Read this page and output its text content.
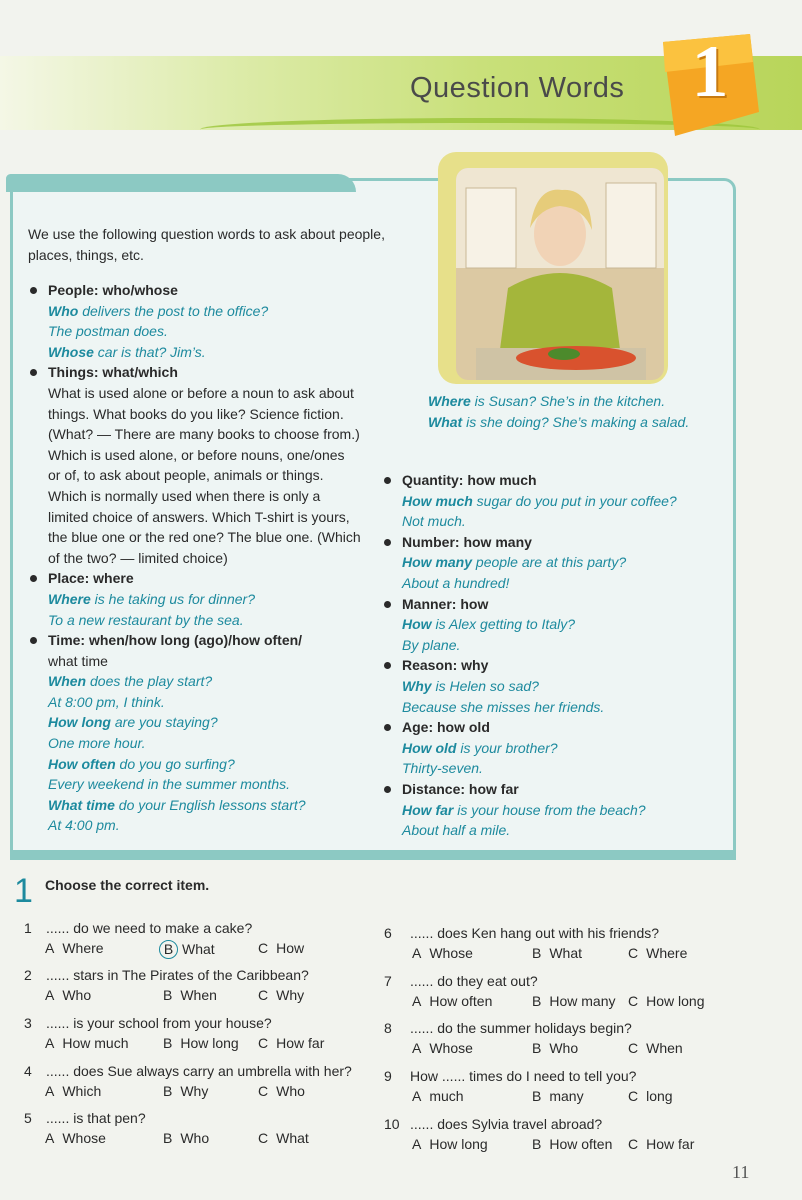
Question Words 1
We use the following question words to ask about people, places, things, etc.
People: who/whose
Who delivers the post to the office?
The postman does.
Whose car is that? Jim’s.
Things: what/which
What is used alone or before a noun to ask about
things. What books do you like? Science fiction.
(What? — There are many books to choose from.)
Which is used alone, or before nouns, one/ones
or of, to ask about people, animals or things.
Which is normally used when there is only a
limited choice of answers. Which T-shirt is yours,
the blue one or the red one? The blue one. (Which
of the two? — limited choice)
Place: where
Where is he taking us for dinner?
To a new restaurant by the sea.
Time: when/how long (ago)/how often/
what time
When does the play start?
At 8:00 pm, I think.
How long are you staying?
One more hour.
How often do you go surfing?
Every weekend in the summer months.
What time do your English lessons start?
At 4:00 pm.
Where is Susan? She’s in the kitchen.
What is she doing? She’s making a salad.
Quantity: how much
How much sugar do you put in your coffee?
Not much.
Number: how many
How many people are at this party?
About a hundred!
Manner: how
How is Alex getting to Italy?
By plane.
Reason: why
Why is Helen so sad?
Because she misses her friends.
Age: how old
How old is your brother?
Thirty-seven.
Distance: how far
How far is your house from the beach?
About half a mile.
1 Choose the correct item.
1 ...... do we need to make a cake?
A Where	B What	C How
2 ...... stars in The Pirates of the Caribbean?
A Who	B When	C Why
3 ...... is your school from your house?
A How much B How long C How far
4 ...... does Sue always carry an umbrella with her?
A Which	B Why	C Who
5 ...... is that pen?
A Whose	B Who	C What
6 ...... does Ken hang out with his friends?
A Whose	B What	C Where
7 ...... do they eat out?
A How often	B How many C How long
8 ...... do the summer holidays begin?
A Whose	B Who	C When
9 How ...... times do I need to tell you?
A much	B many	C long
10 ...... does Sylvia travel abroad?
A How long	B How often C How far
11
